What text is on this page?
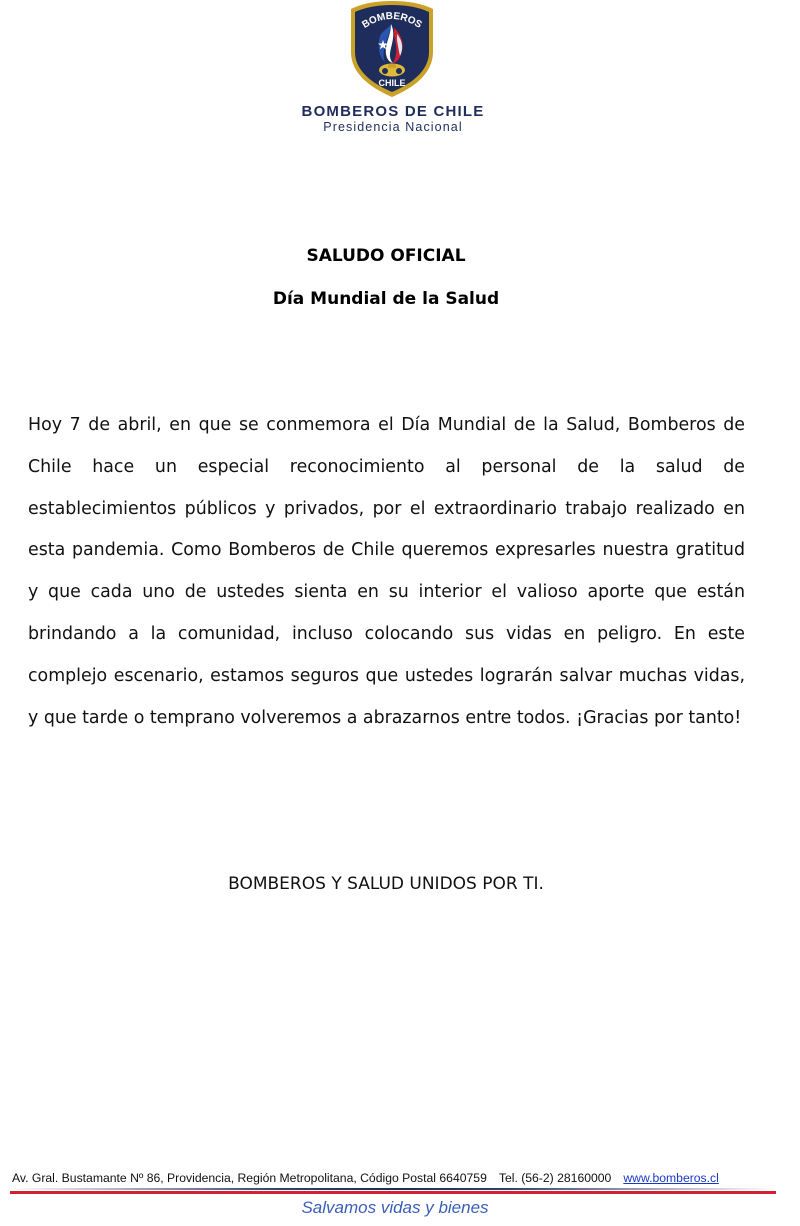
BOMBEROS
CHILE
BOMBEROS DE CHILE
Presidencia Nacional
SALUDO OFICIAL
Día Mundial de la Salud
Hoy 7 de abril, en que se conmemora el Día Mundial de la Salud, Bomberos de Chile hace un especial reconocimiento al personal de la salud de establecimientos públicos y privados, por el extraordinario trabajo realizado en esta pandemia. Como Bomberos de Chile queremos expresarles nuestra gratitud y que cada uno de ustedes sienta en su interior el valioso aporte que están brindando a la comunidad, incluso colocando sus vidas en peligro. En este complejo escenario, estamos seguros que ustedes lograrán salvar muchas vidas, y que tarde o temprano volveremos a abrazarnos entre todos. ¡Gracias por tanto!
BOMBEROS Y SALUD UNIDOS POR TI.
Av. Gral. Bustamante Nº 86, Providencia, Región Metropolitana, Código Postal 6640759 Tel. (56-2) 28160000 www.bomberos.cl
Salvamos vidas y bienes
